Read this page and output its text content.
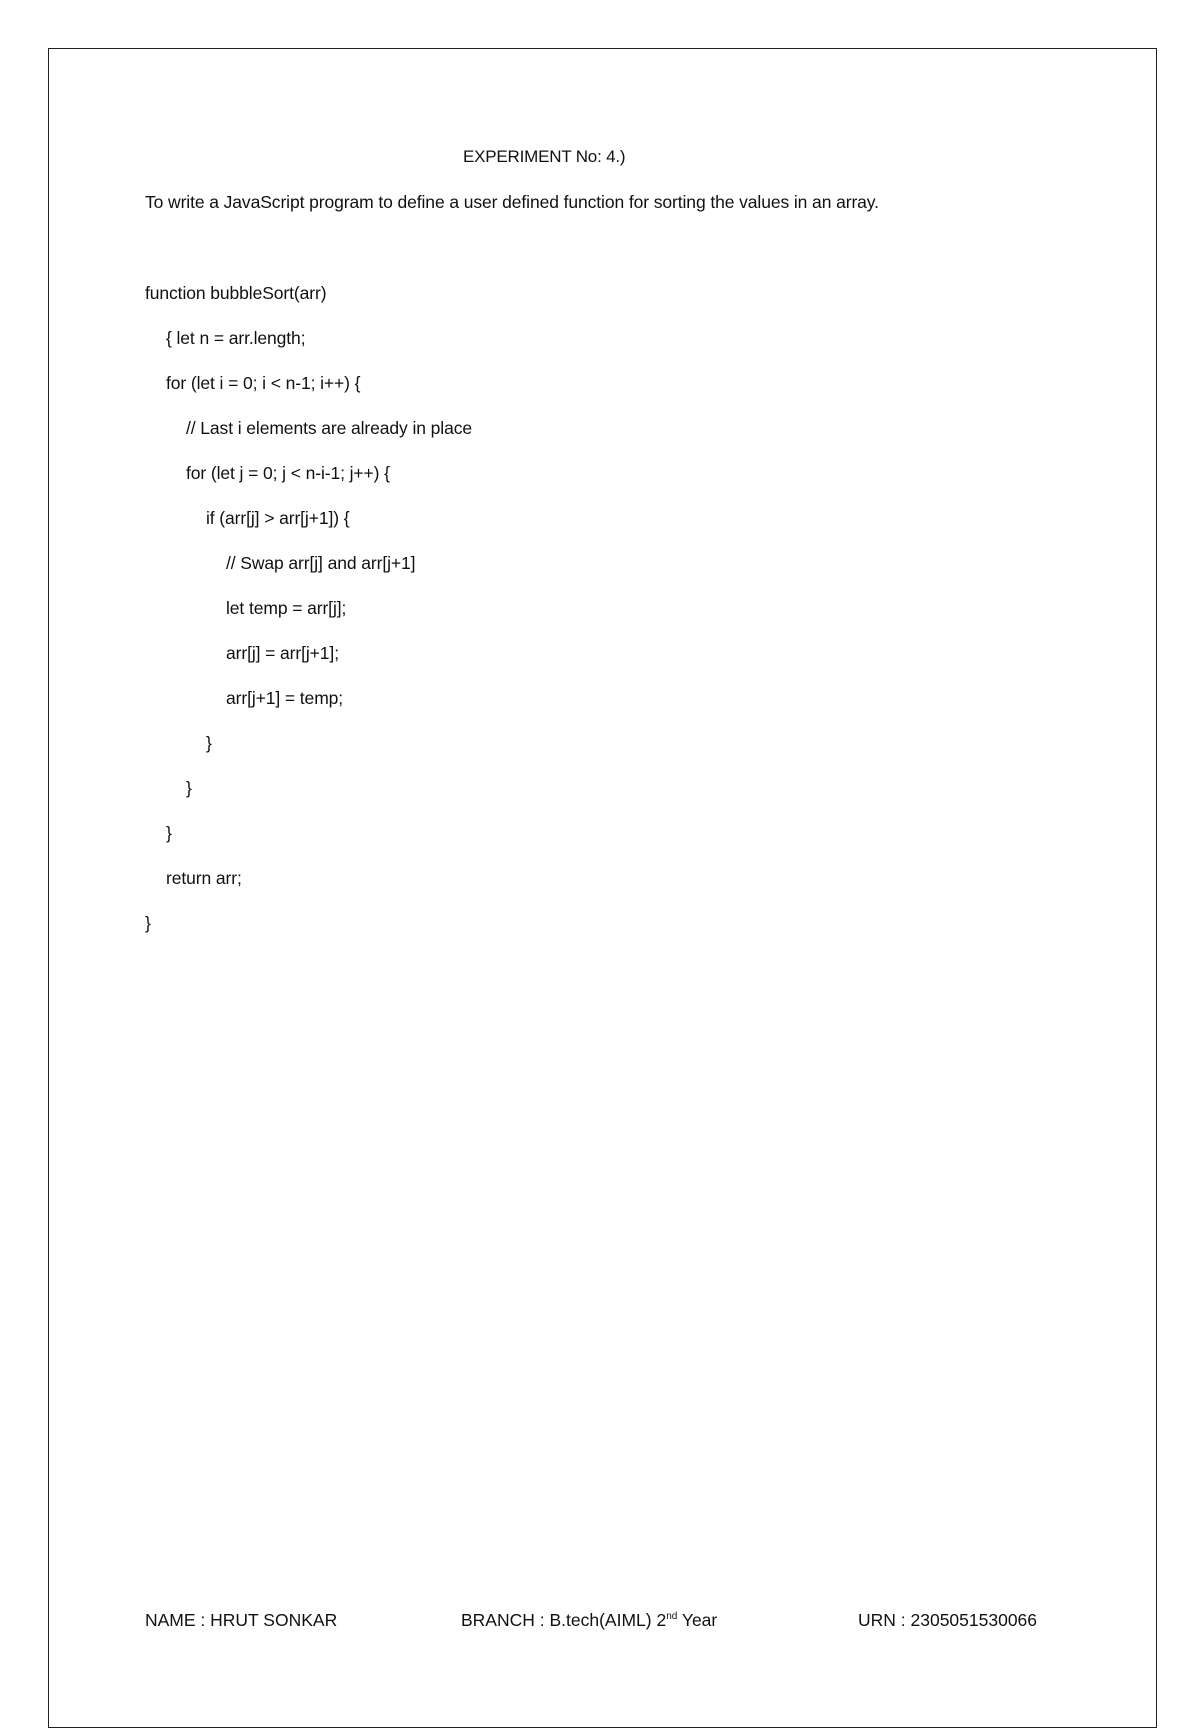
EXPERIMENT No: 4.)
To write a JavaScript program to define a user defined function for sorting the values in an array.
function bubbleSort(arr)
{ let n = arr.length;
for (let i = 0; i < n-1; i++) {
// Last i elements are already in place
for (let j = 0; j < n-i-1; j++) {
if (arr[j] > arr[j+1]) {
// Swap arr[j] and arr[j+1]
let temp = arr[j];
arr[j] = arr[j+1];
arr[j+1] = temp;
}
}
}
return arr;
}
NAME : HRUT SONKAR	BRANCH : B.tech(AIML) 2nd Year	URN : 2305051530066
